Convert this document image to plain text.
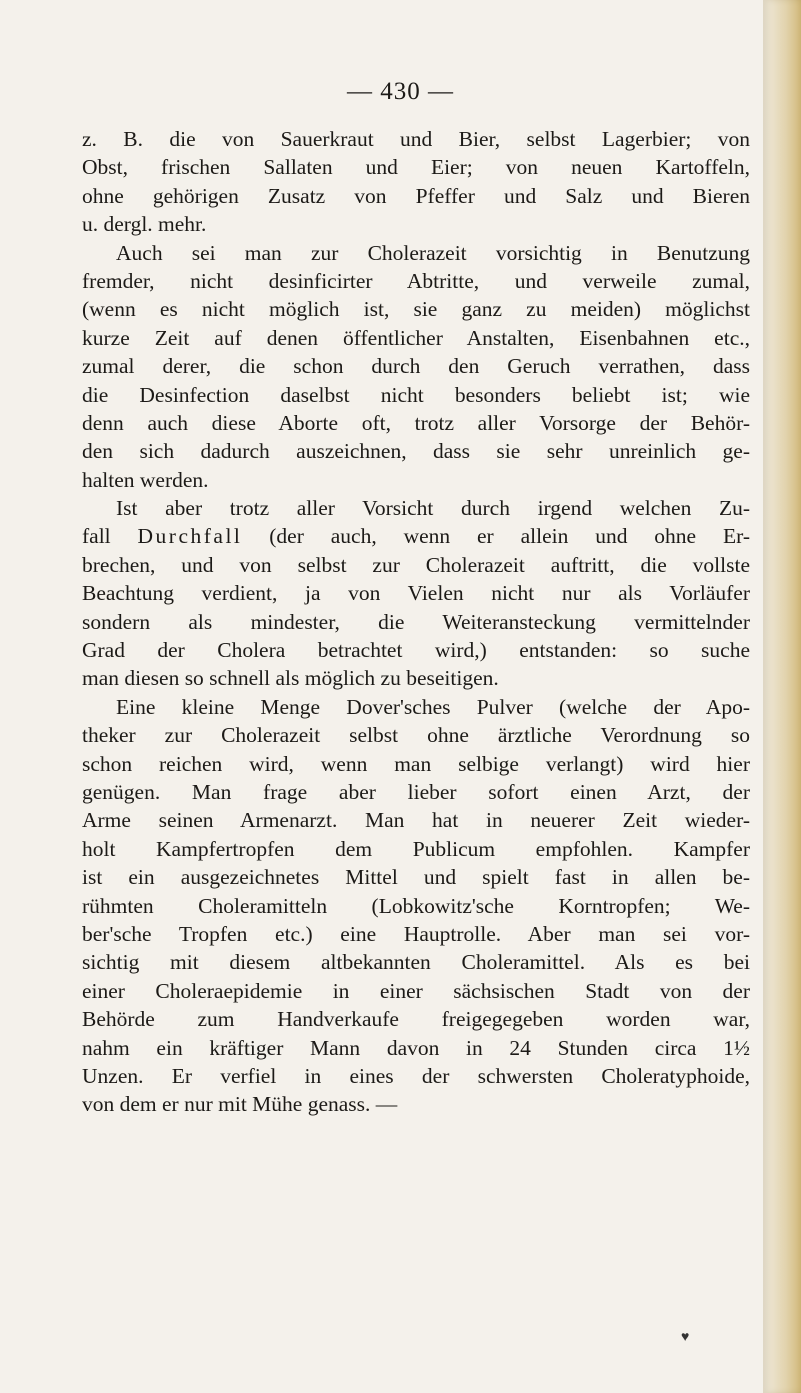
— 430 —
z. B. die von Sauerkraut und Bier, selbst Lagerbier; von
Obst, frischen Sallaten und Eier; von neuen Kartoffeln,
ohne gehörigen Zusatz von Pfeffer und Salz und Bieren
u. dergl. mehr.
Auch sei man zur Cholerazeit vorsichtig in Benutzung
fremder, nicht desinficirter Abtritte, und verweile zumal,
(wenn es nicht möglich ist, sie ganz zu meiden) möglichst
kurze Zeit auf denen öffentlicher Anstalten, Eisenbahnen etc.,
zumal derer, die schon durch den Geruch verrathen, dass
die Desinfection daselbst nicht besonders beliebt ist; wie
denn auch diese Aborte oft, trotz aller Vorsorge der Behör-
den sich dadurch auszeichnen, dass sie sehr unreinlich ge-
halten werden.
Ist aber trotz aller Vorsicht durch irgend welchen Zu-
fall Durchfall (der auch, wenn er allein und ohne Er-
brechen, und von selbst zur Cholerazeit auftritt, die vollste
Beachtung verdient, ja von Vielen nicht nur als Vorläufer
sondern als mindester, die Weiteransteckung vermittelnder
Grad der Cholera betrachtet wird,) entstanden: so suche
man diesen so schnell als möglich zu beseitigen.
Eine kleine Menge Dover'sches Pulver (welche der Apo-
theker zur Cholerazeit selbst ohne ärztliche Verordnung so
schon reichen wird, wenn man selbige verlangt) wird hier
genügen. Man frage aber lieber sofort einen Arzt, der
Arme seinen Armenarzt. Man hat in neuerer Zeit wieder-
holt Kampfertropfen dem Publicum empfohlen. Kampfer
ist ein ausgezeichnetes Mittel und spielt fast in allen be-
rühmten Choleramitteln (Lobkowitz'sche Korntropfen; We-
ber'sche Tropfen etc.) eine Hauptrolle. Aber man sei vor-
sichtig mit diesem altbekannten Choleramittel. Als es bei
einer Choleraepidemie in einer sächsischen Stadt von der
Behörde zum Handverkaufe freigegegeben worden war,
nahm ein kräftiger Mann davon in 24 Stunden circa 1½
Unzen. Er verfiel in eines der schwersten Choleratyphoide,
von dem er nur mit Mühe genass. —
♥
